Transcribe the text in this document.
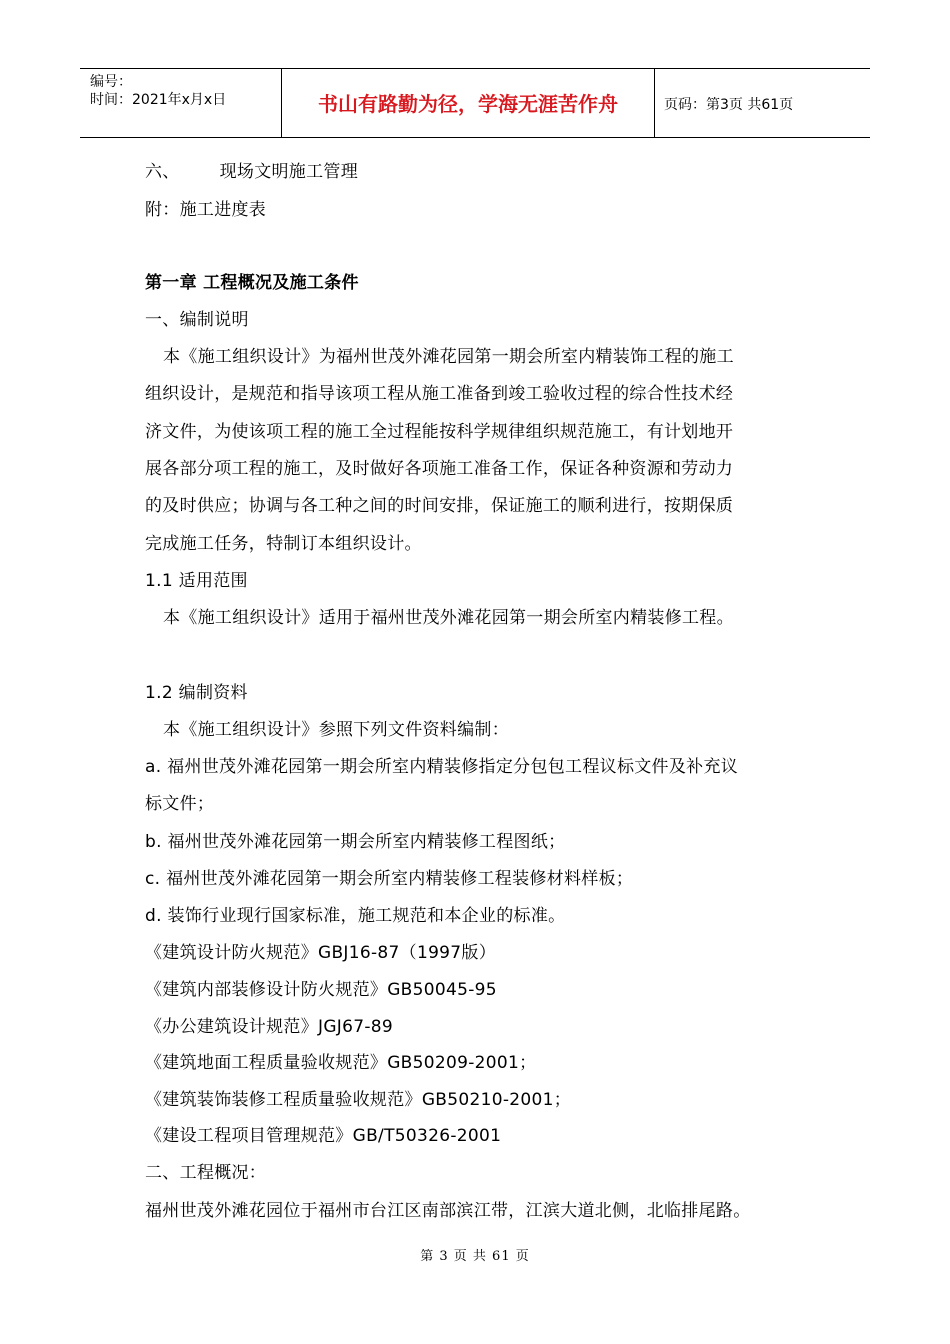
编号：
时间：2021年x月x日	书山有路勤为径，学海无涯苦作舟	页码：第3页 共61页
六、 现场文明施工管理
附：施工进度表
第一章 工程概况及施工条件
一、编制说明
本《施工组织设计》为福州世茂外滩花园第一期会所室内精装饰工程的施工
组织设计，是规范和指导该项工程从施工准备到竣工验收过程的综合性技术经
济文件，为使该项工程的施工全过程能按科学规律组织规范施工，有计划地开
展各部分项工程的施工，及时做好各项施工准备工作，保证各种资源和劳动力
的及时供应；协调与各工种之间的时间安排，保证施工的顺利进行，按期保质
完成施工任务，特制订本组织设计。
1.1 适用范围
本《施工组织设计》适用于福州世茂外滩花园第一期会所室内精装修工程。
1.2 编制资料
本《施工组织设计》参照下列文件资料编制：
a. 福州世茂外滩花园第一期会所室内精装修指定分包包工程议标文件及补充议
标文件；
b. 福州世茂外滩花园第一期会所室内精装修工程图纸；
c. 福州世茂外滩花园第一期会所室内精装修工程装修材料样板；
d. 装饰行业现行国家标准，施工规范和本企业的标准。
《建筑设计防火规范》GBJ16-87（1997版）
《建筑内部装修设计防火规范》GB50045-95
《办公建筑设计规范》JGJ67-89
《建筑地面工程质量验收规范》GB50209-2001；
《建筑装饰装修工程质量验收规范》GB50210-2001；
《建设工程项目管理规范》GB/T50326-2001
二、工程概况：
福州世茂外滩花园位于福州市台江区南部滨江带，江滨大道北侧，北临排尾路。
第 3 页 共 61 页
